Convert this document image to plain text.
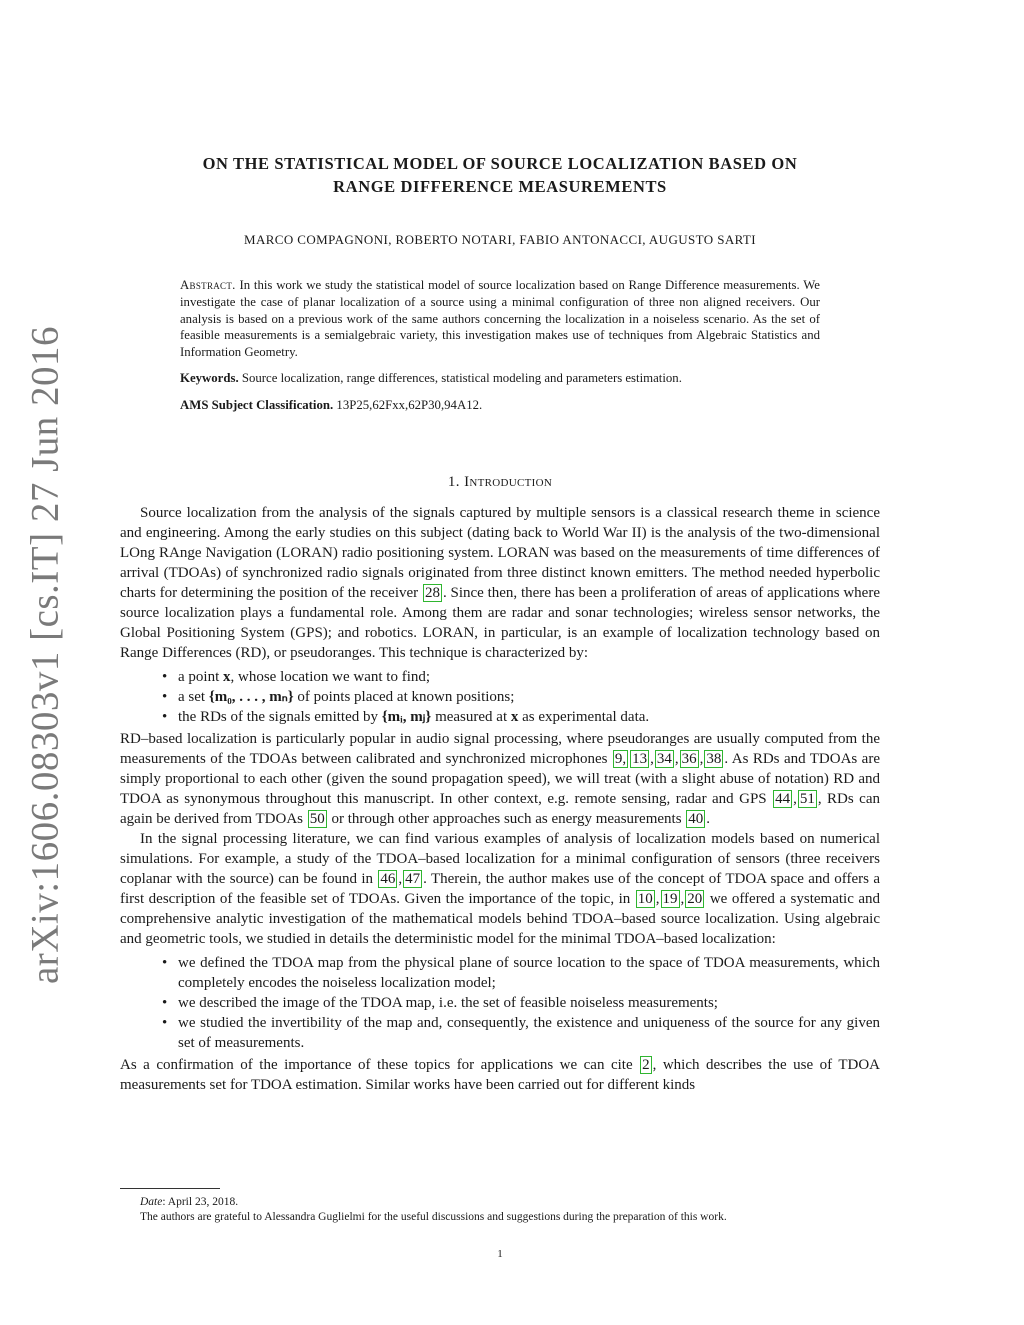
arXiv:1606.08303v1 [cs.IT] 27 Jun 2016
ON THE STATISTICAL MODEL OF SOURCE LOCALIZATION BASED ON
RANGE DIFFERENCE MEASUREMENTS
MARCO COMPAGNONI, ROBERTO NOTARI, FABIO ANTONACCI, AUGUSTO SARTI
Abstract. In this work we study the statistical model of source localization based on Range Difference measurements. We investigate the case of planar localization of a source using a minimal configuration of three non aligned receivers. Our analysis is based on a previous work of the same authors concerning the localization in a noiseless scenario. As the set of feasible measurements is a semialgebraic variety, this investigation makes use of techniques from Algebraic Statistics and Information Geometry.
Keywords. Source localization, range differences, statistical modeling and parameters estimation.
AMS Subject Classification. 13P25,62Fxx,62P30,94A12.
1. Introduction

Source localization from the analysis of the signals captured by multiple sensors is a classical research theme in science and engineering. Among the early studies on this subject (dating back to World War II) is the analysis of the two-dimensional LOng RAnge Navigation (LORAN) radio positioning system. LORAN was based on the measurements of time differences of arrival (TDOAs) of synchronized radio signals originated from three distinct known emitters. The method needed hyperbolic charts for determining the position of the receiver 28 . Since then, there has been a proliferation of areas of applications where source localization plays a fundamental role. Among them are radar and sonar technologies; wireless sensor networks, the Global Positioning System (GPS); and robotics. LORAN, in particular, is an example of localization technology based on Range Differences (RD), or pseudoranges. This technique is characterized by:

• a point x, whose location we want to find;
• a set {m₀, . . . , mₙ} of points placed at known positions;
• the RDs of the signals emitted by {mᵢ, mⱼ} measured at x as experimental data.

RD–based localization is particularly popular in audio signal processing, where pseudoranges are usually computed from the measurements of the TDOAs between calibrated and synchronized microphones 9, 13 , 34 , 36 , 38 . As RDs and TDOAs are simply proportional to each other (given the sound propagation speed), we will treat (with a slight abuse of notation) RD and TDOA as synonymous throughout this manuscript. In other context, e.g. remote sensing, radar and GPS 44 , 51 , RDs can again be derived from TDOAs 50 or through other approaches such as energy measurements 40 .

In the signal processing literature, we can find various examples of analysis of localization models based on numerical simulations. For example, a study of the TDOA–based localization for a minimal configuration of sensors (three receivers coplanar with the source) can be found in 46 , 47 . Therein, the author makes use of the concept of TDOA space and offers a first description of the feasible set of TDOAs. Given the importance of the topic, in 10 , 19 , 20 we offered a systematic and comprehensive analytic investigation of the mathematical models behind TDOA–based source localization. Using algebraic and geometric tools, we studied in details the deterministic model for the minimal TDOA–based localization:

• we defined the TDOA map from the physical plane of source location to the space of TDOA measurements, which completely encodes the noiseless localization model;
• we described the image of the TDOA map, i.e. the set of feasible noiseless measurements;
• we studied the invertibility of the map and, consequently, the existence and uniqueness of the source for any given set of measurements.

As a confirmation of the importance of these topics for applications we can cite 2 , which describes the use of TDOA measurements set for TDOA estimation. Similar works have been carried out for different kinds

Date: April 23, 2018.

The authors are grateful to Alessandra Guglielmi for the useful discussions and suggestions during the preparation of this work.

1
